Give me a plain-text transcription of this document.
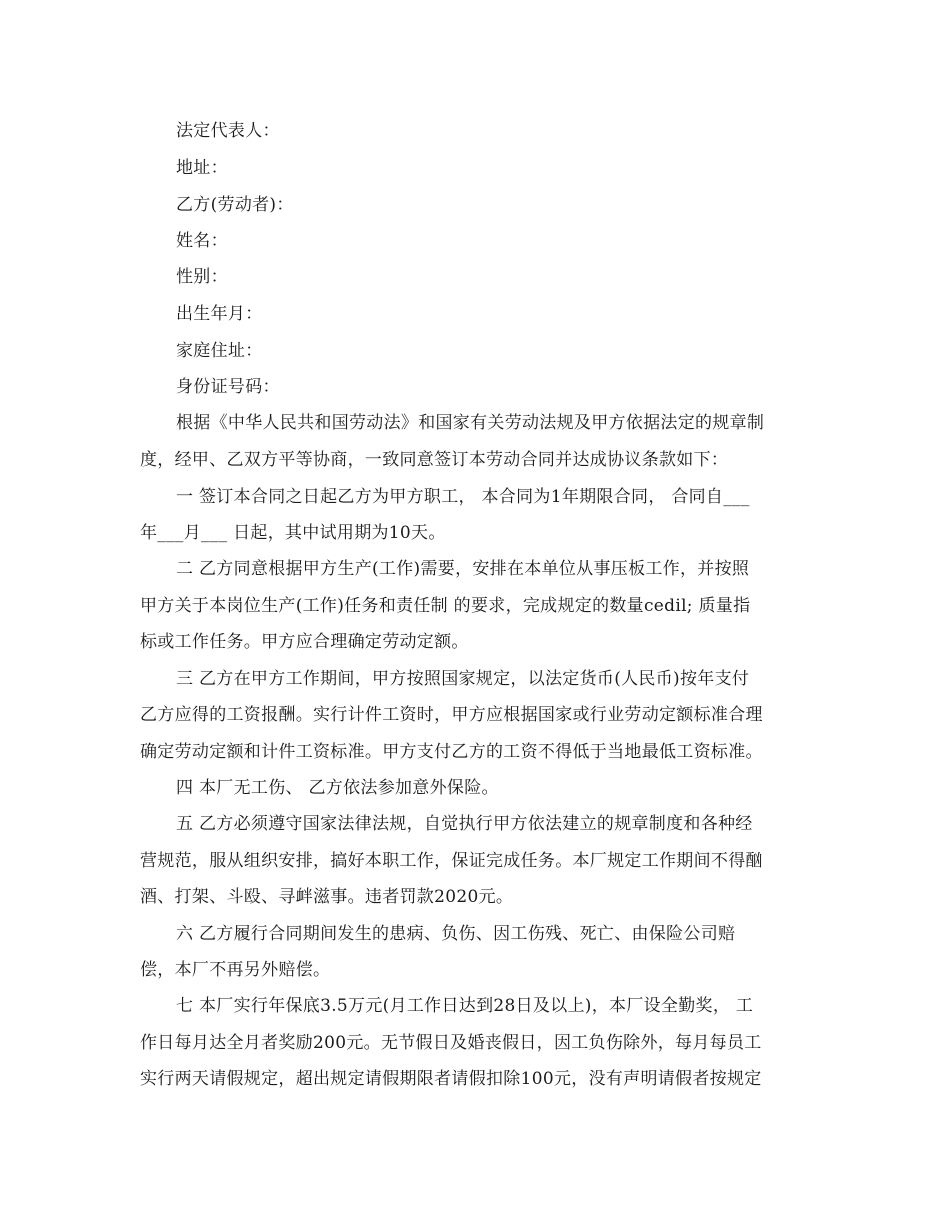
法定代表人：
地址：
乙方(劳动者)：
姓名：
性别：
出生年月：
家庭住址：
身份证号码：
根据《中华人民共和国劳动法》和国家有关劳动法规及甲方依据法定的规章制
度，经甲、乙双方平等协商，一致同意签订本劳动合同并达成协议条款如下：
一 签订本合同之日起乙方为甲方职工， 本合同为1年期限合同， 合同自___
年___月___ 日起，其中试用期为10天。
二 乙方同意根据甲方生产(工作)需要，安排在本单位从事压板工作，并按照
甲方关于本岗位生产(工作)任务和责任制 的要求，完成规定的数量cedil; 质量指
标或工作任务。甲方应合理确定劳动定额。
三 乙方在甲方工作期间，甲方按照国家规定，以法定货币(人民币)按年支付
乙方应得的工资报酬。实行计件工资时，甲方应根据国家或行业劳动定额标准合理
确定劳动定额和计件工资标准。甲方支付乙方的工资不得低于当地最低工资标准。
四 本厂无工伤、 乙方依法参加意外保险。
五 乙方必须遵守国家法律法规，自觉执行甲方依法建立的规章制度和各种经
营规范，服从组织安排，搞好本职工作，保证完成任务。本厂规定工作期间不得酗
酒、打架、斗殴、寻衅滋事。违者罚款2020元。
六 乙方履行合同期间发生的患病、负伤、因工伤残、死亡、由保险公司赔
偿，本厂不再另外赔偿。
七 本厂实行年保底3.5万元(月工作日达到28日及以上)，本厂设全勤奖， 工
作日每月达全月者奖励200元。无节假日及婚丧假日，因工负伤除外，每月每员工
实行两天请假规定，超出规定请假期限者请假扣除100元，没有声明请假者按规定
